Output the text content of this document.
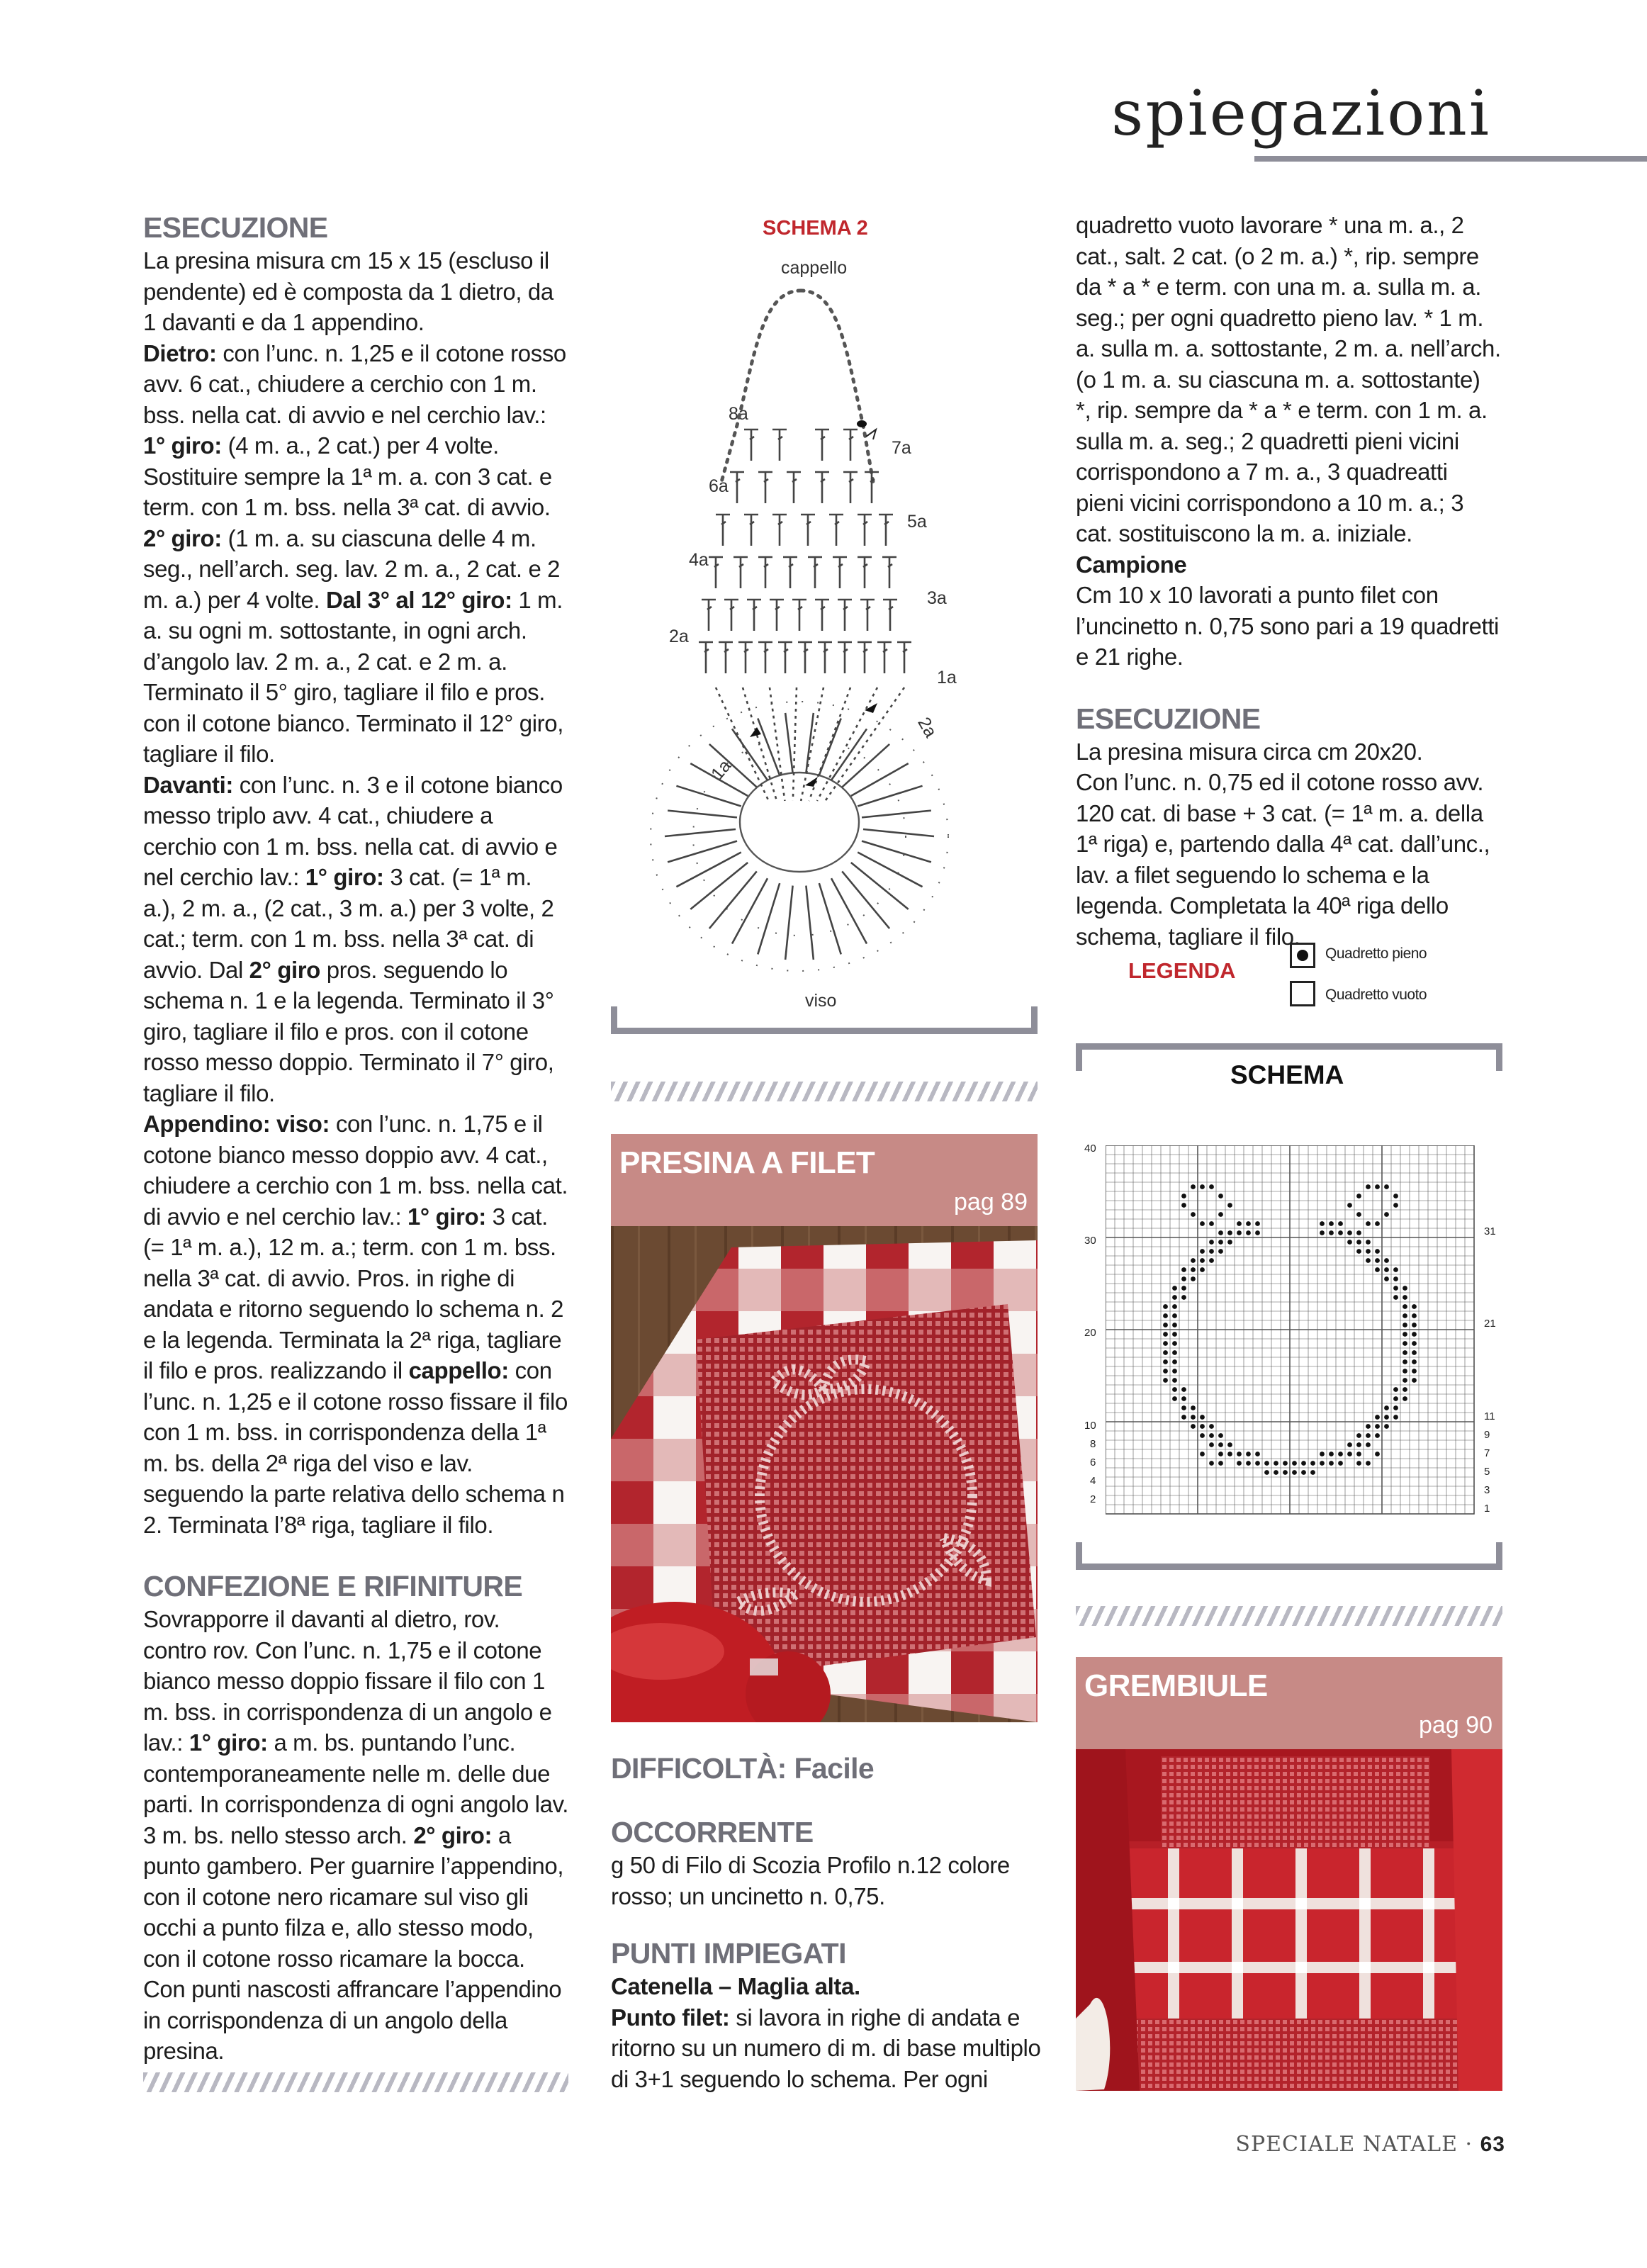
spiegazioni
ESECUZIONE

La presina misura cm 15 x 15 (escluso il pendente) ed è composta da 1 dietro, da 1 davanti e da 1 appendino.

Dietro: con l’unc. n. 1,25 e il cotone rosso avv. 6 cat., chiudere a cerchio con 1 m. bss. nella cat. di avvio e nel cerchio lav.: 1° giro: (4 m. a., 2 cat.) per 4 volte. Sostituire sempre la 1ª m. a. con 3 cat. e term. con 1 m. bss. nella 3ª cat. di avvio. 2° giro: (1 m. a. su ciascuna delle 4 m. seg., nell’arch. seg. lav. 2 m. a., 2 cat. e 2 m. a.) per 4 volte. Dal 3° al 12° giro: 1 m. a. su ogni m. sottostante, in ogni arch. d’angolo lav. 2 m. a., 2 cat. e 2 m. a. Terminato il 5° giro, tagliare il filo e pros. con il cotone bianco. Terminato il 12° giro, tagliare il filo.

Davanti: con l’unc. n. 3 e il cotone bianco messo triplo avv. 4 cat., chiudere a cerchio con 1 m. bss. nella cat. di avvio e nel cerchio lav.: 1° giro: 3 cat. (= 1ª m. a.), 2 m. a., (2 cat., 3 m. a.) per 3 volte, 2 cat.; term. con 1 m. bss. nella 3ª cat. di avvio. Dal 2° giro pros. seguendo lo schema n. 1 e la legenda. Terminato il 3° giro, tagliare il filo e pros. con il cotone rosso messo doppio. Terminato il 7° giro, tagliare il filo.

Appendino: viso: con l’unc. n. 1,75 e il cotone bianco messo doppio avv. 4 cat., chiudere a cerchio con 1 m. bss. nella cat. di avvio e nel cerchio lav.: 1° giro: 3 cat. (= 1ª m. a.), 12 m. a.; term. con 1 m. bss. nella 3ª cat. di avvio. Pros. in righe di andata e ritorno seguendo lo schema n. 2 e la legenda. Terminata la 2ª riga, tagliare il filo e pros. realizzando il cappello: con l’unc. n. 1,25 e il cotone rosso fissare il filo con 1 m. bss. in corrispondenza della 1ª m. bs. della 2ª riga del viso e lav. seguendo la parte relativa dello schema n 2. Terminata l’8ª riga, tagliare il filo.

CONFEZIONE E RIFINITURE

Sovrapporre il davanti al dietro, rov. contro rov. Con l’unc. n. 1,75 e il cotone bianco messo doppio fissare il filo con 1 m. bss. in corrispondenza di un angolo e lav.: 1° giro: a m. bs. puntando l’unc. contemporaneamente nelle m. delle due parti. In corrispondenza di ogni angolo lav. 3 m. bs. nello stesso arch. 2° giro: a punto gambero. Per guarnire l’appendino, con il cotone nero ricamare sul viso gli occhi a punto filza e, allo stesso modo, con il cotone rosso ricamare la bocca. Con punti nascosti affrancare l’appendino in corrispondenza di un angolo della presina.

SCHEMA 2
cappello
viso
8a
7a
6a
5a
4a
3a
2a
1a
2a
1a
PRESINA A FILET
pag 89
DIFFICOLTÀ: Facile
OCCORRENTE

g 50 di Filo di Scozia Profilo n.12 colore rosso; un uncinetto n. 0,75.

PUNTI IMPIEGATI

Catenella – Maglia alta.

Punto filet: si lavora in righe di andata e ritorno su un numero di m. di base multiplo di 3+1 seguendo lo schema. Per ogni

quadretto vuoto lavorare * una m. a., 2 cat., salt. 2 cat. (o 2 m. a.) *, rip. sempre da * a * e term. con una m. a. sulla m. a. seg.; per ogni quadretto pieno lav. * 1 m. a. sulla m. a. sottostante, 2 m. a. nell’arch. (o 1 m. a. su ciascuna m. a. sottostante) *, rip. sempre da * a * e term. con 1 m. a. sulla m. a. seg.; 2 quadretti pieni vicini corrispondono a 7 m. a., 3 quadreatti pieni vicini corrispondono a 10 m. a.; 3 cat. sostituiscono la m. a. iniziale.

Campione

Cm 10 x 10 lavorati a punto filet con l’uncinetto n. 0,75 sono pari a 19 quadretti e 21 righe.

ESECUZIONE

La presina misura circa cm 20x20.

Con l’unc. n. 0,75 ed il cotone rosso avv. 120 cat. di base + 3 cat. (= 1ª m. a. della 1ª riga) e, partendo dalla 4ª cat. dall’unc., lav. a filet seguendo lo schema e la legenda. Completata la 40ª riga dello schema, tagliare il filo.

LEGENDA
Quadretto pieno
Quadretto vuoto
SCHEMA
40
30
20
10
8
6
4
2
31
21
11
9
7
5
3
1
GREMBIULE
pag 90
SPECIALE NATALE · 63
